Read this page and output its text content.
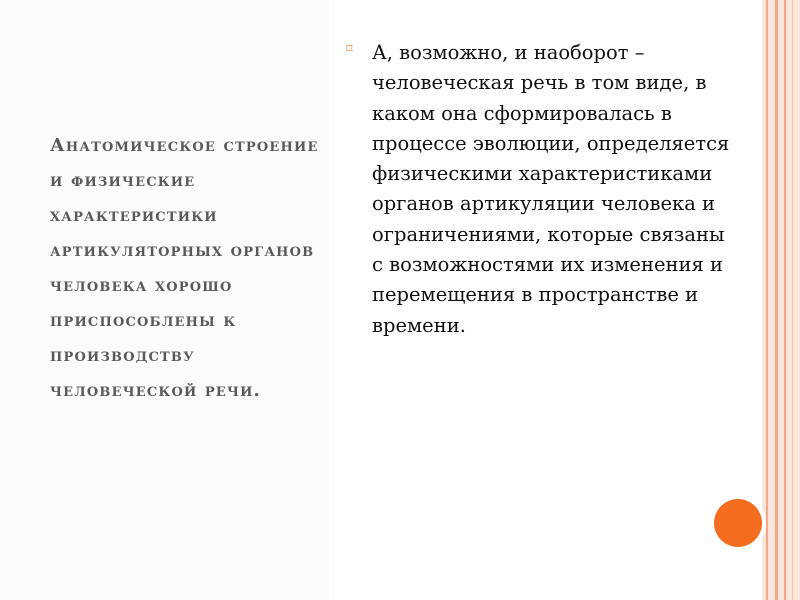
Анатомическое строение и физические характеристики артикуляторных органов человека хорошо приспособлены к производству человеческой речи.

⌑ А, возможно, и наоборот – человеческая речь в том виде, в каком она сформировалась в процессе эволюции, определяется физическими характеристиками органов артикуляции человека и ограничениями, которые связаны с возможностями их изменения и перемещения в пространстве и времени.
